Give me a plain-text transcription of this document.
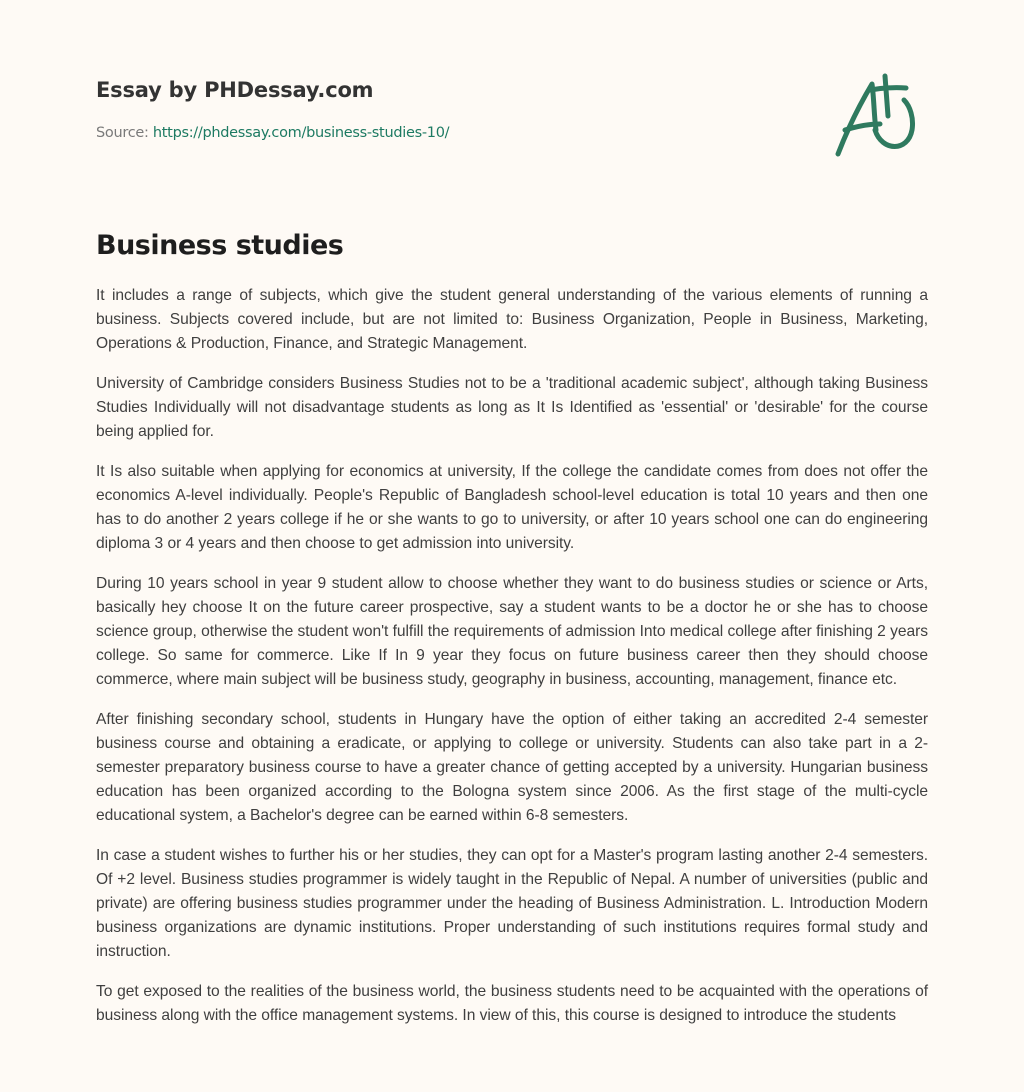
Essay by PHDessay.com
Source: https://phdessay.com/business-studies-10/
Business studies

It includes a range of subjects, which give the student general understanding of the various elements of running a business. Subjects covered include, but are not limited to: Business Organization, People in Business, Marketing, Operations & Production, Finance, and Strategic Management.

University of Cambridge considers Business Studies not to be a 'traditional academic subject', although taking Business Studies Individually will not disadvantage students as long as It Is Identified as 'essential' or 'desirable' for the course being applied for.

It Is also suitable when applying for economics at university, If the college the candidate comes from does not offer the economics A-level individually. People's Republic of Bangladesh school-level education is total 10 years and then one has to do another 2 years college if he or she wants to go to university, or after 10 years school one can do engineering diploma 3 or 4 years and then choose to get admission into university.

During 10 years school in year 9 student allow to choose whether they want to do business studies or science or Arts, basically hey choose It on the future career prospective, say a student wants to be a doctor he or she has to choose science group, otherwise the student won't fulfill the requirements of admission Into medical college after finishing 2 years college. So same for commerce. Like If In 9 year they focus on future business career then they should choose commerce, where main subject will be business study, geography in business, accounting, management, finance etc.

After finishing secondary school, students in Hungary have the option of either taking an accredited 2-4 semester business course and obtaining a eradicate, or applying to college or university. Students can also take part in a 2- semester preparatory business course to have a greater chance of getting accepted by a university. Hungarian business education has been organized according to the Bologna system since 2006. As the first stage of the multi-cycle educational system, a Bachelor's degree can be earned within 6-8 semesters.

In case a student wishes to further his or her studies, they can opt for a Master's program lasting another 2-4 semesters. Of +2 level. Business studies programmer is widely taught in the Republic of Nepal. A number of universities (public and private) are offering business studies programmer under the heading of Business Administration. L. Introduction Modern business organizations are dynamic institutions. Proper understanding of such institutions requires formal study and instruction.

To get exposed to the realities of the business world, the business students need to be acquainted with the operations of business along with the office management systems. In view of this, this course is designed to introduce the students
